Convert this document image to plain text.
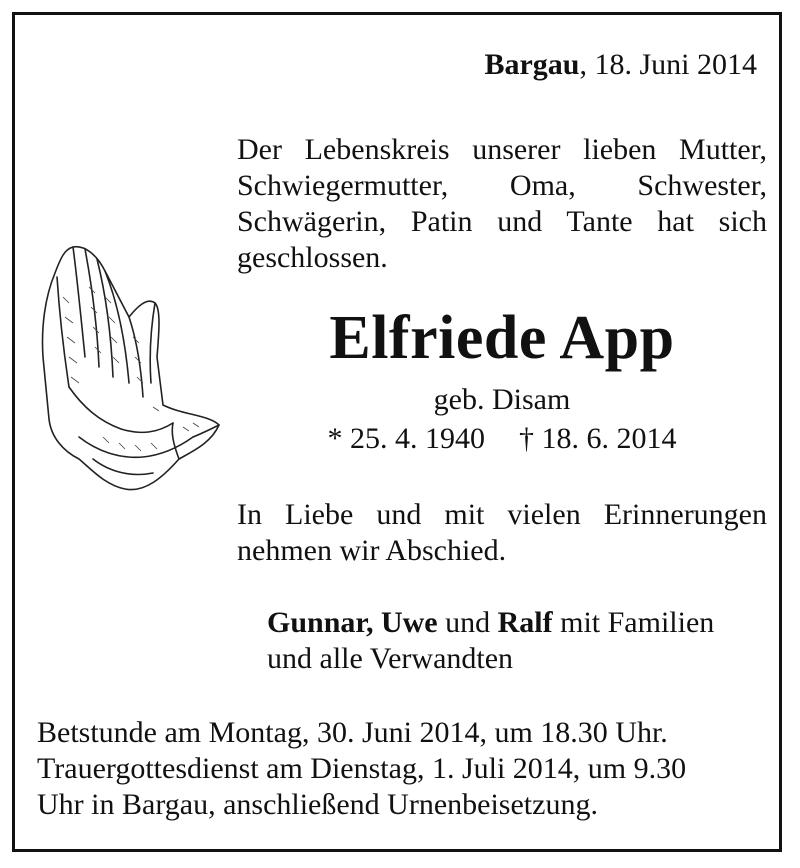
Bargau, 18. Juni 2014
Der Lebenskreis unserer lieben Mutter,
Schwiegermutter, Oma, Schwester,
Schwägerin, Patin und Tante hat sich
geschlossen.
Elfriede App
geb. Disam
* 25. 4. 1940 † 18. 6. 2014
In Liebe und mit vielen Erinnerungen
nehmen wir Abschied.
Gunnar, Uwe und Ralf mit Familien
und alle Verwandten
Betstunde am Montag, 30. Juni 2014, um 18.30 Uhr.
Trauergottesdienst am Dienstag, 1. Juli 2014, um 9.30
Uhr in Bargau, anschließend Urnenbeisetzung.
